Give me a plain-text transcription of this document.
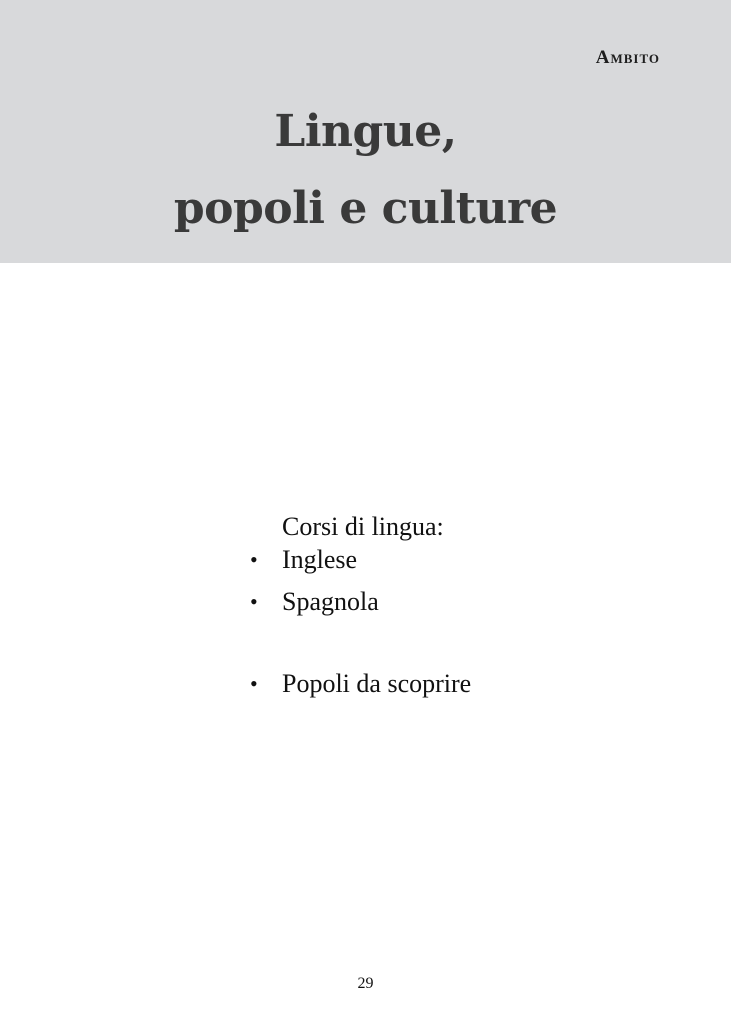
Ambito
Lingue,
popoli e culture
Corsi di lingua:
• Inglese
• Spagnola
• Popoli da scoprire
29
